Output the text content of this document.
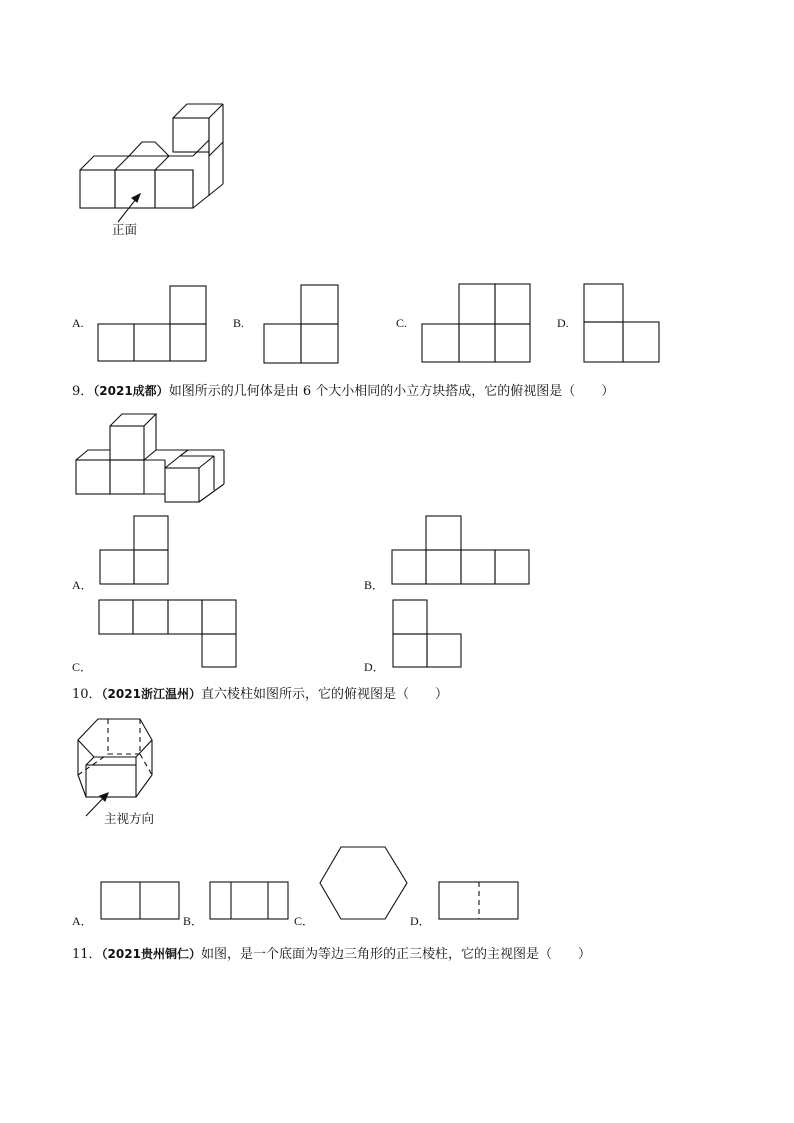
正面
A.	B.	C.	D.
9．（2021成都）如图所示的几何体是由 6 个大小相同的小立方块搭成，它的俯视图是（　　）
A．	B．
C．	D．
10．（2021浙江温州）直六棱柱如图所示，它的俯视图是（　　）
主视方向
A．	B．	C．	D．
11．（2021贵州铜仁）如图，是一个底面为等边三角形的正三棱柱，它的主视图是（　　）
